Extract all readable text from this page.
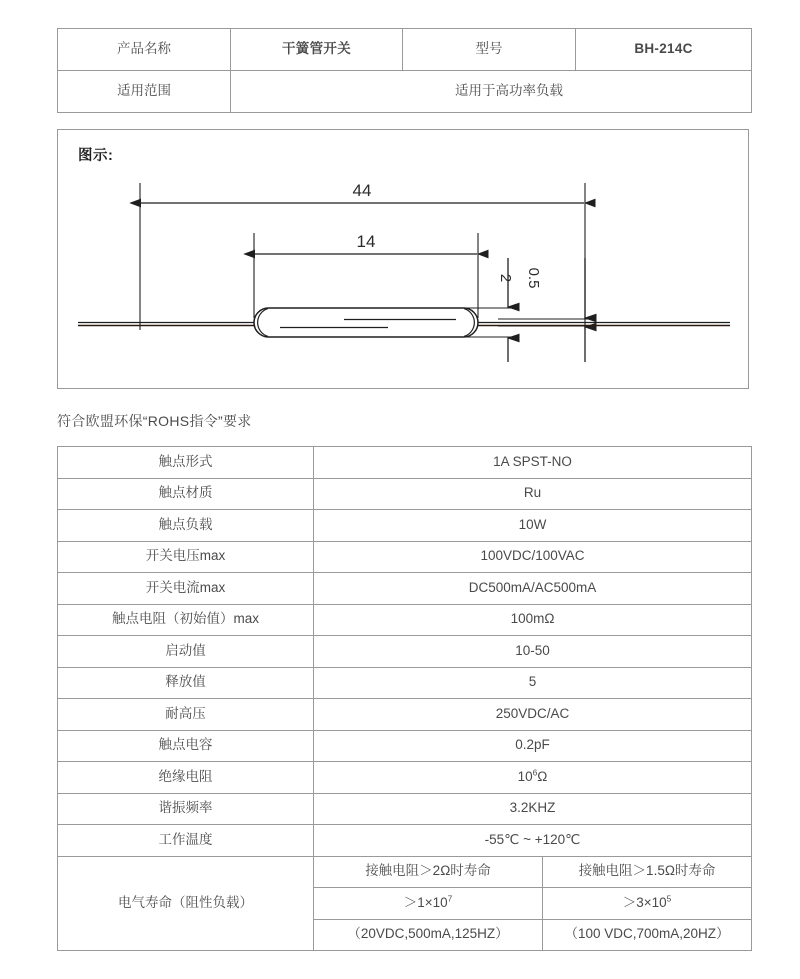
产品名称	干簧管开关	型号	BH-214C
适用范围	适用于高功率负载		
图示:
44
14
2 0.5
符合欧盟环保“ROHS指令”要求
触点形式	1A SPST-NO	
触点材质	Ru	
触点负载	10W	
开关电压max	100VDC/100VAC	
开关电流max	DC500mA/AC500mA	
触点电阻（初始值）max	100mΩ	
启动值	10-50	
释放值	5	
耐高压	250VDC/AC	
触点电容	0.2pF	
绝缘电阻	$10^6\Omega$	
谐振频率	3.2KHZ	
工作温度	-55℃ ~ +120℃	
电气寿命（阻性负载）	接触电阻＞2Ω时寿命	接触电阻＞1.5Ω时寿命
	$>1\times 10^7$	$>3\times 10^5$
	（20VDC,500mA,125HZ）	（100 VDC,700mA,20HZ）
